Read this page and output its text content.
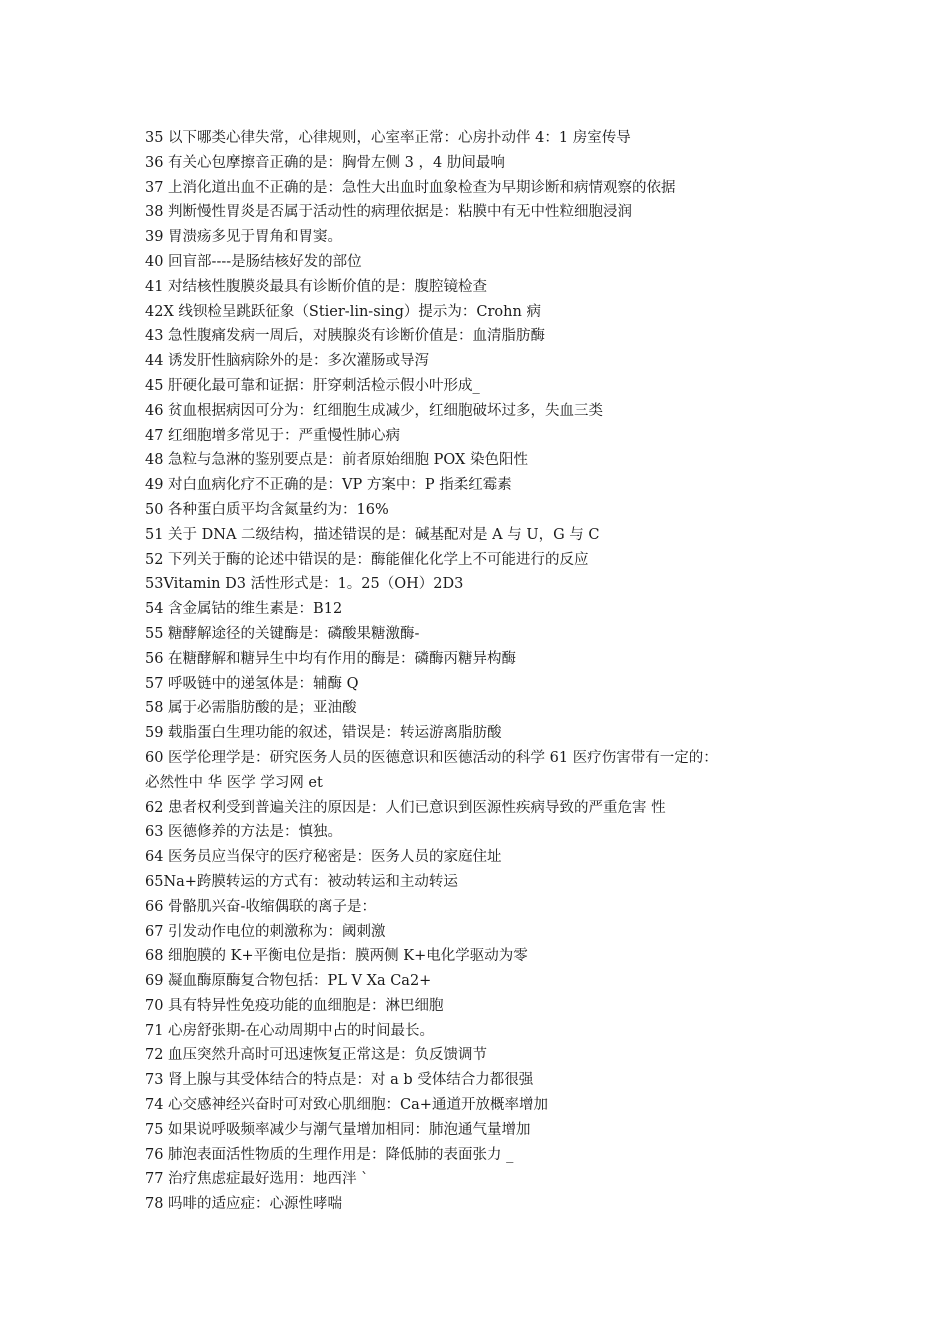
35 以下哪类心律失常，心律规则，心室率正常：心房扑动伴 4：1 房室传导
36 有关心包摩擦音正确的是：胸骨左侧 3 ，4 肋间最响
37 上消化道出血不正确的是：急性大出血时血象检查为早期诊断和病情观察的依据
38 判断慢性胃炎是否属于活动性的病理依据是：粘膜中有无中性粒细胞浸润
39 胃溃疡多见于胃角和胃窦。
40 回盲部----是肠结核好发的部位
41 对结核性腹膜炎最具有诊断价值的是：腹腔镜检查
42X 线钡检呈跳跃征象（Stier-lin-sing）提示为：Crohn 病
43 急性腹痛发病一周后，对胰腺炎有诊断价值是：血清脂肪酶
44 诱发肝性脑病除外的是：多次灌肠或导泻
45 肝硬化最可靠和证据：肝穿刺活检示假小叶形成_
46 贫血根据病因可分为：红细胞生成减少，红细胞破坏过多，失血三类
47 红细胞增多常见于：严重慢性肺心病
48 急粒与急淋的鉴别要点是：前者原始细胞 POX 染色阳性
49 对白血病化疗不正确的是：VP 方案中：P 指柔红霉素
50 各种蛋白质平均含氮量约为：16%
51 关于 DNA 二级结构，描述错误的是：碱基配对是 A 与 U，G 与 C
52 下列关于酶的论述中错误的是：酶能催化化学上不可能进行的反应
53Vitamin D3 活性形式是：1。25（OH）2D3
54 含金属钴的维生素是：B12
55 糖酵解途径的关键酶是：磷酸果糖激酶-
56 在糖酵解和糖异生中均有作用的酶是：磷酶丙糖异构酶
57 呼吸链中的递氢体是：辅酶 Q
58 属于必需脂肪酸的是；亚油酸
59 载脂蛋白生理功能的叙述，错误是：转运游离脂肪酸
60 医学伦理学是：研究医务人员的医德意识和医德活动的科学 61 医疗伤害带有一定的：
必然性中 华 医学 学习网 et
62 患者权利受到普遍关注的原因是：人们已意识到医源性疾病导致的严重危害 性
63 医德修养的方法是：慎独。
64 医务员应当保守的医疗秘密是：医务人员的家庭住址
65Na+跨膜转运的方式有：被动转运和主动转运
66 骨骼肌兴奋-收缩偶联的离子是：
67 引发动作电位的刺激称为：阈刺激
68 细胞膜的 K+平衡电位是指：膜两侧 K+电化学驱动为零
69 凝血酶原酶复合物包括：PL V Xa Ca2+
70 具有特异性免疫功能的血细胞是：淋巴细胞
71 心房舒张期-在心动周期中占的时间最长。
72 血压突然升高时可迅速恢复正常这是：负反馈调节
73 肾上腺与其受体结合的特点是：对 a b 受体结合力都很强
74 心交感神经兴奋时可对致心肌细胞：Ca+通道开放概率增加
75 如果说呼吸频率减少与潮气量增加相同：肺泡通气量增加
76 肺泡表面活性物质的生理作用是：降低肺的表面张力 _
77 治疗焦虑症最好选用：地西泮 `
78 吗啡的适应症：心源性哮喘
